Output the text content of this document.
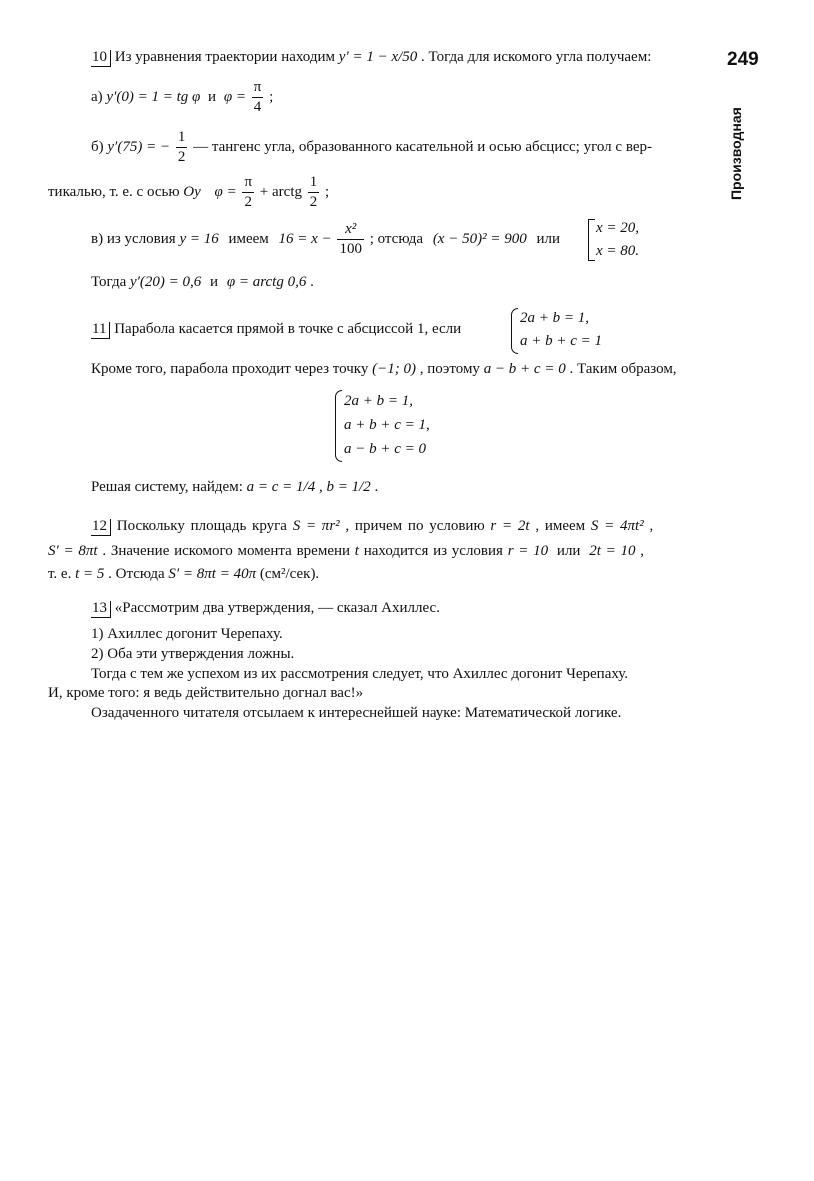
249
Производная
10 Из уравнения траектории находим y′ = 1 − x/50 . Тогда для искомого угла получаем:
а) y′(0) = 1 = tg φ и $\varphi = \frac{\pi}{4}$ ;
б) y′(75) = − $\frac{1}{2}$ — тангенс угла, образованного касательной и осью абсцисс; угол с вер-
тикалью, т. е. с осью Oy $\varphi = \frac{\pi}{2}$ + arctg $\frac{1}{2}$ ;
в) из условия y = 16 имеем $16 = x - \frac{\text{x²}}{100}$ ; отсюда (x − 50)² = 900 или
x = 20,
x = 80.
Тогда y′(20) = 0,6 и φ = arctg 0,6 .
11 Парабола касается прямой в точке с абсциссой 1, если
2a + b = 1,
a + b + c = 1
Кроме того, парабола проходит через точку (−1; 0) , поэтому a − b + c = 0 . Таким образом,
2a + b = 1,
a + b + c = 1,
a − b + c = 0
Решая систему, найдем: a = c = 1/4 , b = 1/2 .
12 Поскольку площадь круга S = πr² , причем по условию r = 2t , имеем S = 4πt² ,
S′ = 8πt . Значение искомого момента времени t находится из условия r = 10 или 2t = 10 ,
т. е. t = 5 . Отсюда S′ = 8πt = 40π (см²/сек).
13 «Рассмотрим два утверждения, — сказал Ахиллес.
1) Ахиллес догонит Черепаху.
2) Оба эти утверждения ложны.
Тогда с тем же успехом из их рассмотрения следует, что Ахиллес догонит Черепаху.
И, кроме того: я ведь действительно догнал вас!»
Озадаченного читателя отсылаем к интереснейшей науке: Математической логике.
